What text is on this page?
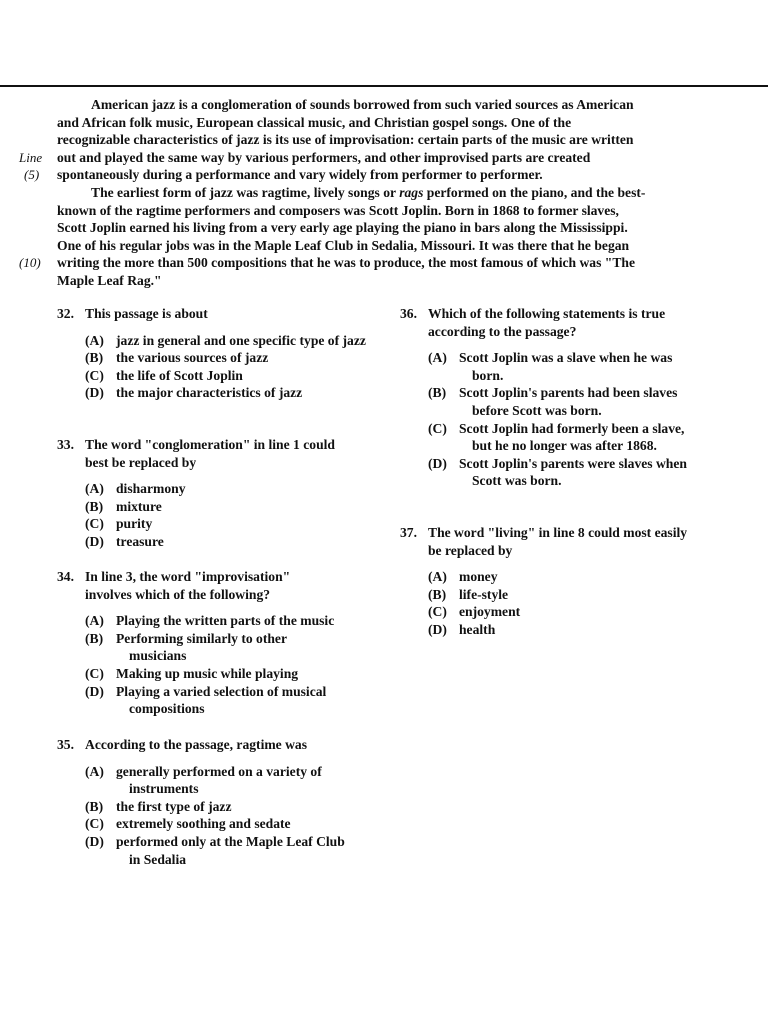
American jazz is a conglomeration of sounds borrowed from such varied sources as American
and African folk music, European classical music, and Christian gospel songs. One of the
recognizable characteristics of jazz is its use of improvisation: certain parts of the music are written
out and played the same way by various performers, and other improvised parts are created
spontaneously during a performance and vary widely from performer to performer.
The earliest form of jazz was ragtime, lively songs or rags performed on the piano, and the best-
known of the ragtime performers and composers was Scott Joplin. Born in 1868 to former slaves,
Scott Joplin earned his living from a very early age playing the piano in bars along the Mississippi.
One of his regular jobs was in the Maple Leaf Club in Sedalia, Missouri. It was there that he began
writing the more than 500 compositions that he was to produce, the most famous of which was "The
Maple Leaf Rag."
Line
(5)
(10)
32. This passage is about
(A) jazz in general and one specific type of jazz
(B) the various sources of jazz
(C) the life of Scott Joplin
(D) the major characteristics of jazz
33. The word "conglomeration" in line 1 could best be replaced by
(A) disharmony
(B) mixture
(C) purity
(D) treasure
34. In line 3, the word "improvisation" involves which of the following?
(A) Playing the written parts of the music
(B) Performing similarly to other musicians
(C) Making up music while playing
(D) Playing a varied selection of musical compositions
35. According to the passage, ragtime was
(A) generally performed on a variety of instruments
(B) the first type of jazz
(C) extremely soothing and sedate
(D) performed only at the Maple Leaf Club in Sedalia
36. Which of the following statements is true according to the passage?
(A) Scott Joplin was a slave when he was born.
(B) Scott Joplin's parents had been slaves before Scott was born.
(C) Scott Joplin had formerly been a slave, but he no longer was after 1868.
(D) Scott Joplin's parents were slaves when Scott was born.
37. The word "living" in line 8 could most easily be replaced by
(A) money
(B) life-style
(C) enjoyment
(D) health
